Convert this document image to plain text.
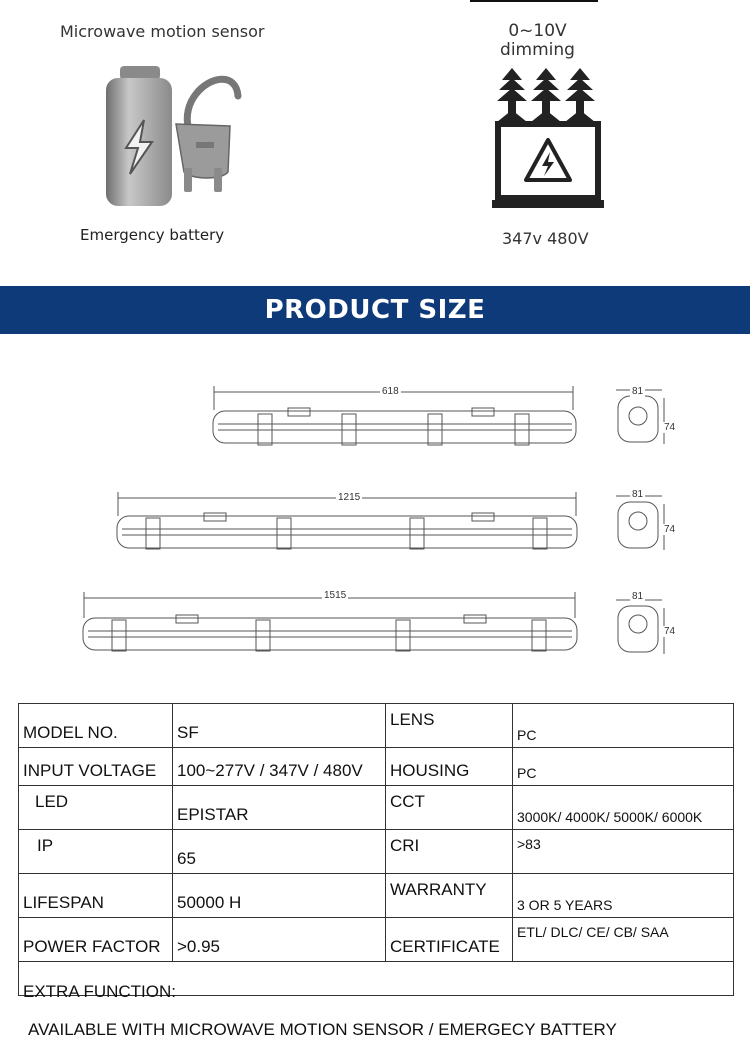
Microwave motion sensor
Emergency battery
0~10V
dimming
347v 480V
PRODUCT SIZE
618	81
74
1215	81
74
1515	81
74
MODEL NO.	SF	LENS	PC
INPUT VOLTAGE	100~277V / 347V / 480V	HOUSING	PC
LED	EPISTAR	CCT	3000K/ 4000K/ 5000K/ 6000K
IP	65	CRI	>83
LIFESPAN	50000 H	WARRANTY	3 OR 5 YEARS
POWER FACTOR	>0.95	CERTIFICATE	ETL/ DLC/ CE/ CB/ SAA

EXTRA FUNCTION:
AVAILABLE WITH MICROWAVE MOTION SENSOR / EMERGECY BATTERY			
